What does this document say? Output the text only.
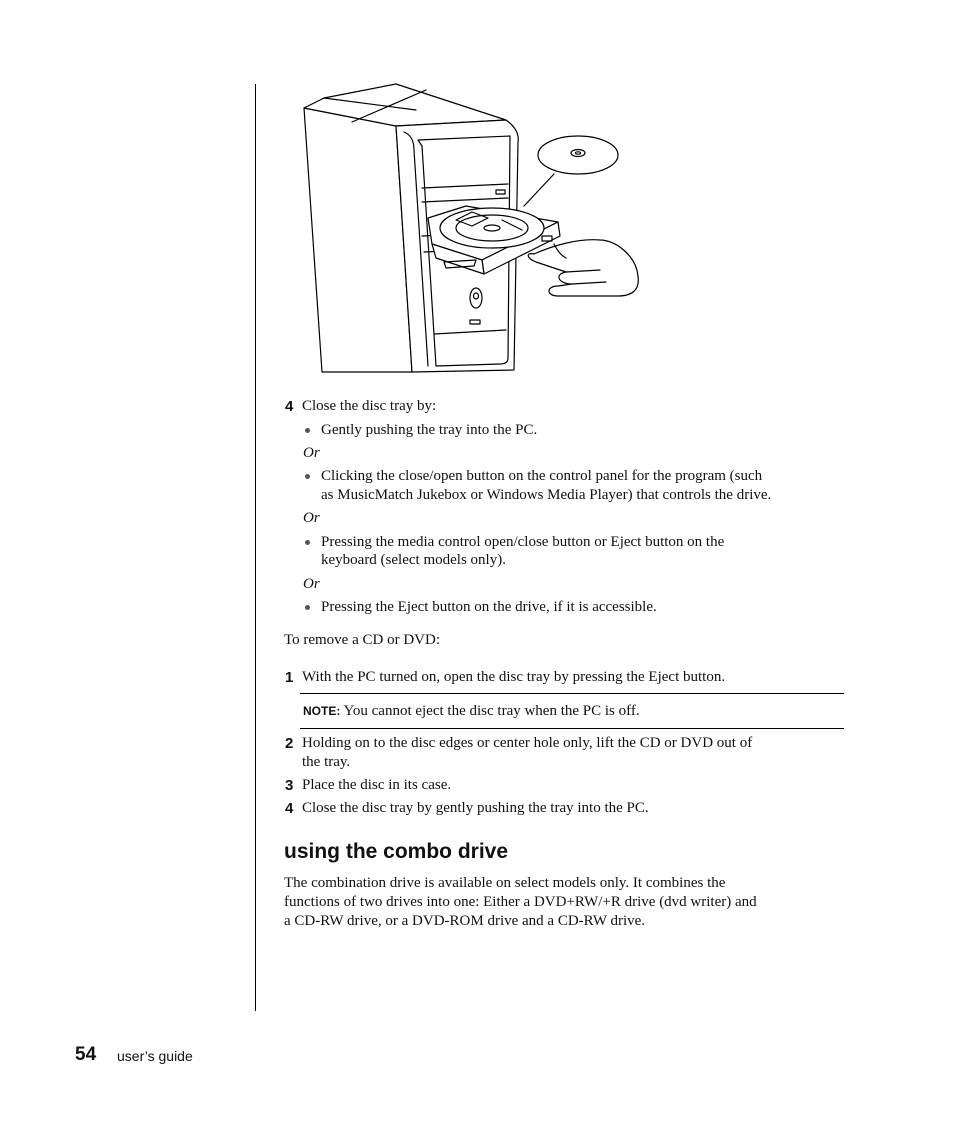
4 Close the disc tray by:
Gently pushing the tray into the PC.
Or
Clicking the close/open button on the control panel for the program (such
as MusicMatch Jukebox or Windows Media Player) that controls the drive.
Or
Pressing the media control open/close button or Eject button on the
keyboard (select models only).
Or
Pressing the Eject button on the drive, if it is accessible.
To remove a CD or DVD:
1 With the PC turned on, open the disc tray by pressing the Eject button.
NOTE: You cannot eject the disc tray when the PC is off.
2 Holding on to the disc edges or center hole only, lift the CD or DVD out of
the tray.
3 Place the disc in its case.
4 Close the disc tray by gently pushing the tray into the PC.
using the combo drive
The combination drive is available on select models only. It combines the
functions of two drives into one: Either a DVD+RW/+R drive (dvd writer) and
a CD-RW drive, or a DVD-ROM drive and a CD-RW drive.
54 user’s guide
